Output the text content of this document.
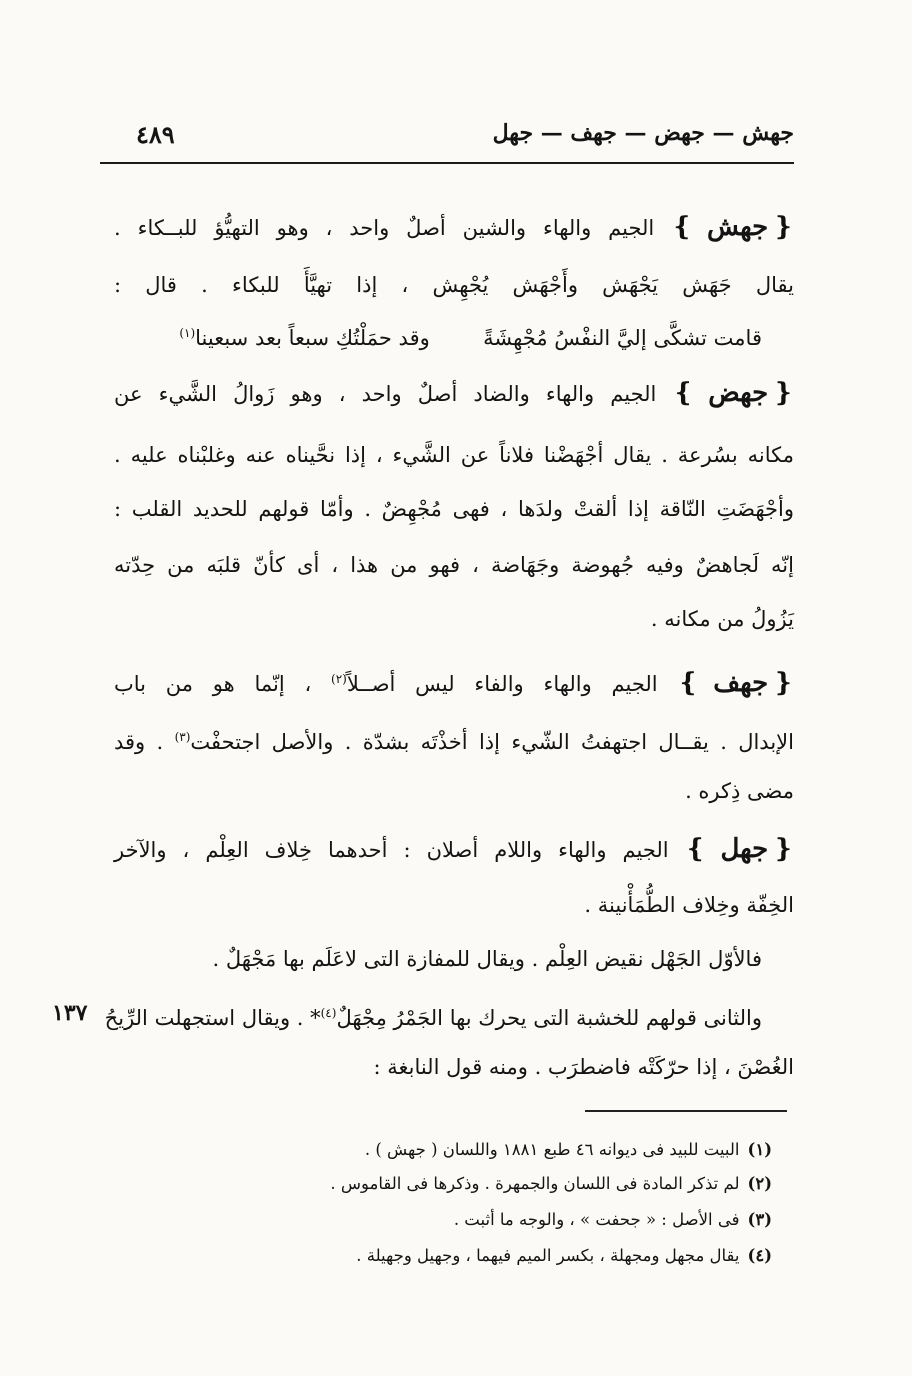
جهش — جهض — جهف — جهل
٤٨٩
❴جهش❵ الجيم والهاء والشين أصلٌ واحد ، وهو التهيُّؤ للبــكاء .
يقال جَهَش يَجْهَش وأَجْهَش يُجْهِش ، إذا تهيَّأَ للبكاء . قال :
قامت تشكَّى إليَّ النفْسُ مُجْهِشَةً  وقد حمَلْتُكِ سبعاً بعد سبعينا$^{(١)}$
❴جهض❵ الجيم والهاء والضاد أصلٌ واحد ، وهو زَوالُ الشَّيء عن
مكانه بسُرعة . يقال أجْهَضْنا فلاناً عن الشَّيء ، إذا نحَّيناه عنه وغلبْناه عليه .
وأجْهَضَتِ النّاقة إذا ألقتْ ولدَها ، فهى مُجْهِضٌ . وأمّا قولهم للحديد القلب :
إنّه لَجاهضٌ وفيه جُهوضة وجَهَاضة ، فهو من هذا ، أى كأنّ قلبَه من حِدّته
يَزُولُ من مكانه .
❴جهف❵ الجيم والهاء والفاء ليس أصــلاً$^{(٢)}$ ، إنّما هو من باب
الإبدال . يقــال اجتهفتُ الشّيء إذا أخذْتَه بشدّة . والأصل اجتحفْت$^{(٣)}$ . وقد
مضى ذِكره .
❴جهل❵ الجيم والهاء واللام أصلان : أحدهما خِلاف العِلْم ، والآخر
الخِفّة وخِلاف الطُّمَأْنينة .
فالأوّل الجَهْل نقيض العِلْم . ويقال للمفازة التى لاعَلَم بها مَجْهَلٌ .
والثانى قولهم للخشبة التى يحرك بها الجَمْرُ مِجْهَلٌ$^{(٤)}$* . ويقال استجهلت الرِّيحُ
١٣٧
الغُصْنَ ، إذا حرّكَتْه فاضطرَب . ومنه قول النابغة :
(١)البيت للبيد فى ديوانه ٤٦ طبع ١٨٨١ واللسان ( جهش ) .
(٢)لم تذكر المادة فى اللسان والجمهرة . وذكرها فى القاموس .
(٣)فى الأصل : « جحفت » ، والوجه ما أثبت .
(٤)يقال مجهل ومجهلة ، بكسر الميم فيهما ، وجهيل وجهيلة .
